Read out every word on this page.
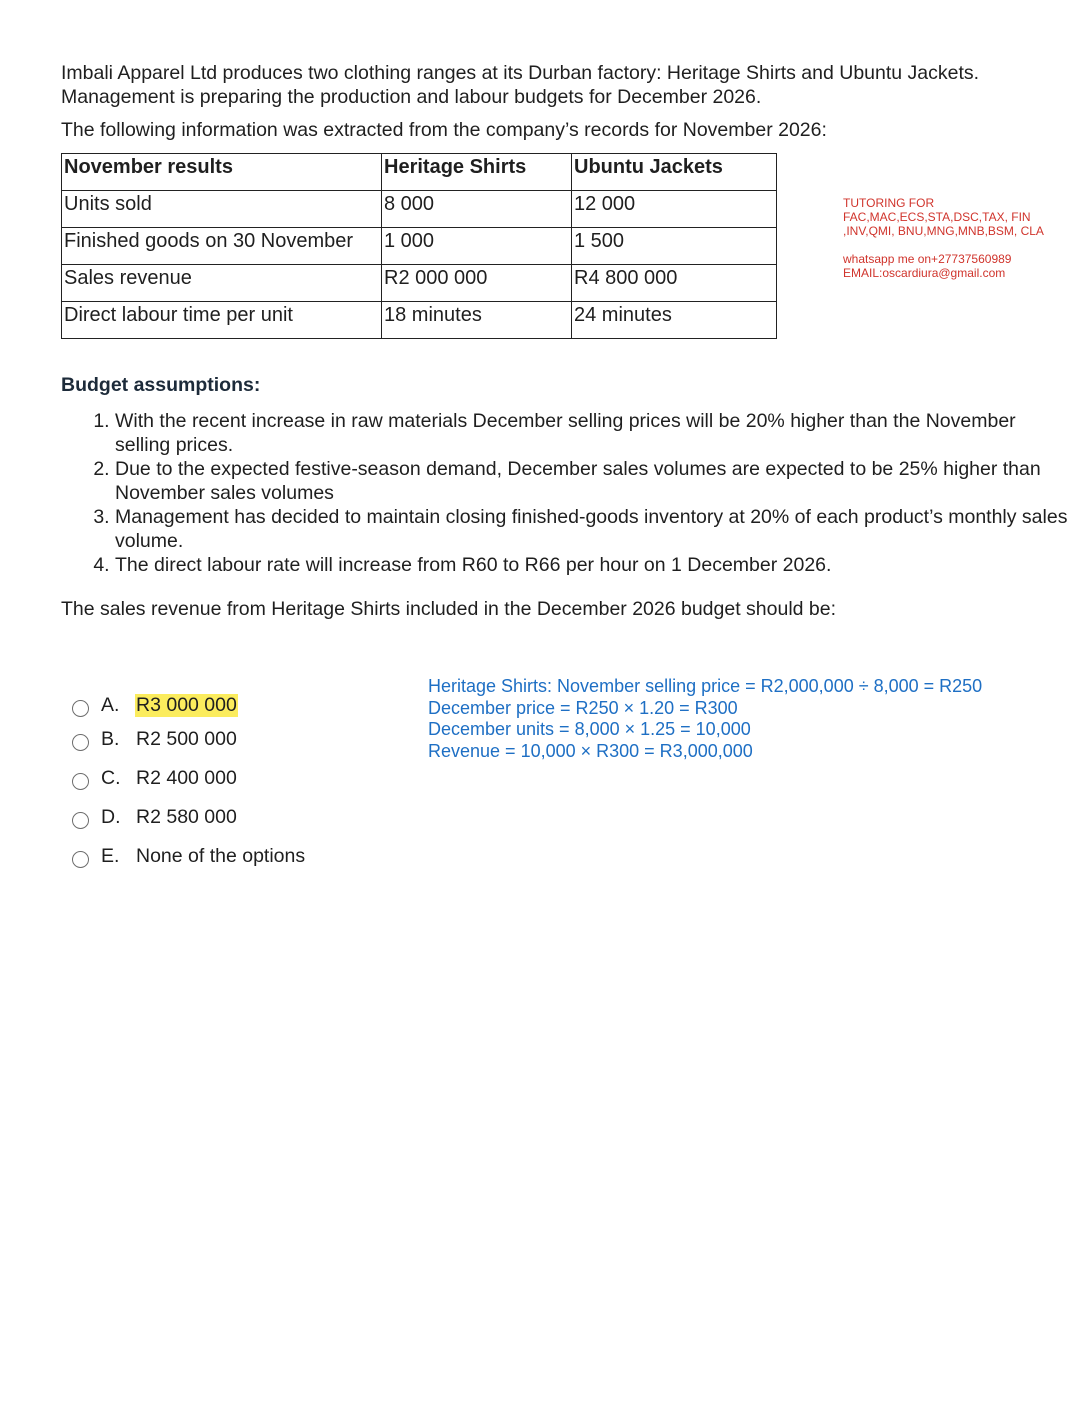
Imbali Apparel Ltd produces two clothing ranges at its Durban factory: Heritage Shirts and Ubuntu Jackets.

Management is preparing the production and labour budgets for December 2026.

The following information was extracted from the company’s records for November 2026:

November results	Heritage Shirts	Ubuntu Jackets
Units sold	8 000	12 000
Finished goods on 30 November	1 000	1 500
Sales revenue	R2 000 000	R4 800 000
Direct labour time per unit	18 minutes	24 minutes
TUTORING FOR
FAC,MAC,ECS,STA,DSC,TAX, FIN
,INV,QMI, BNU,MNG,MNB,BSM, CLA
whatsapp me on+27737560989
EMAIL:oscardiura@gmail.com

Budget assumptions:

1. With the recent increase in raw materials December selling prices will be 20% higher than the November selling prices.
2. Due to the expected festive-season demand, December sales volumes are expected to be 25% higher than November sales volumes
3. Management has decided to maintain closing finished-goods inventory at 20% of each product’s monthly sales volume.
4. The direct labour rate will increase from R60 to R66 per hour on 1 December 2026.

The sales revenue from Heritage Shirts included in the December 2026 budget should be:

A. R3 000 000
B. R2 500 000
C. R2 400 000
D. R2 580 000
E. None of the options
Heritage Shirts: November selling price = R2,000,000 ÷ 8,000 = R250
December price = R250 × 1.20 = R300
December units = 8,000 × 1.25 = 10,000
Revenue = 10,000 × R300 = R3,000,000
